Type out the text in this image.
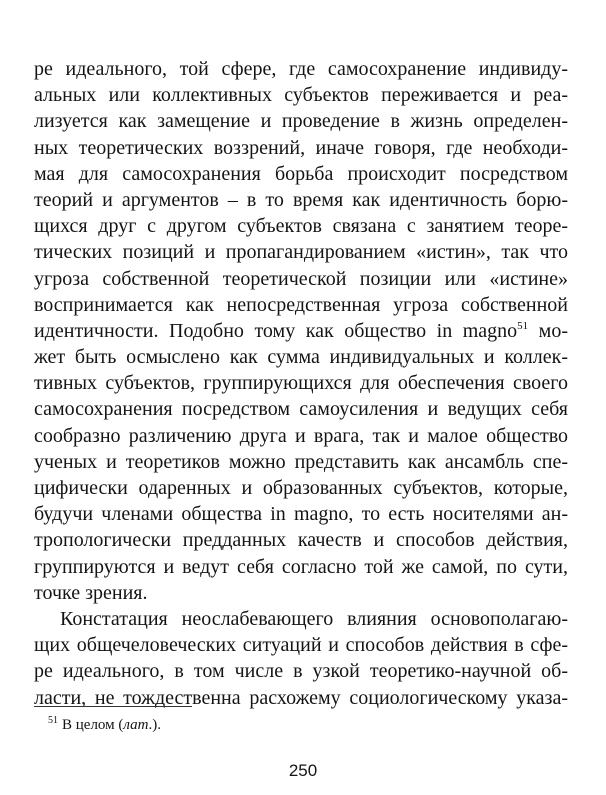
ре идеального, той сфере, где самосохранение индивиду-
альных или коллективных субъектов переживается и реа-
лизуется как замещение и проведение в жизнь определен-
ных теоретических воззрений, иначе говоря, где необходи-
мая для самосохранения борьба происходит посредством
теорий и аргументов – в то время как идентичность борю-
щихся друг с другом субъектов связана с занятием теоре-
тических позиций и пропагандированием «истин», так что
угроза собственной теоретической позиции или «истине»
воспринимается как непосредственная угроза собственной
идентичности. Подобно тому как общество in magno$^{51}$ мо-
жет быть осмыслено как сумма индивидуальных и коллек-
тивных субъектов, группирующихся для обеспечения своего
самосохранения посредством самоусиления и ведущих себя
сообразно различению друга и врага, так и малое общество
ученых и теоретиков можно представить как ансамбль спе-
цифически одаренных и образованных субъектов, которые,
будучи членами общества in magno, то есть носителями ан-
тропологически предданных качеств и способов действия,
группируются и ведут себя согласно той же самой, по сути,
точке зрения.
Констатация неослабевающего влияния основополагаю-
щих общечеловеческих ситуаций и способов действия в сфе-
ре идеального, в том числе в узкой теоретико-научной об-
ласти, не тождественна расхожему социологическому указа-
$^{51}$ В целом (лат.).
250
